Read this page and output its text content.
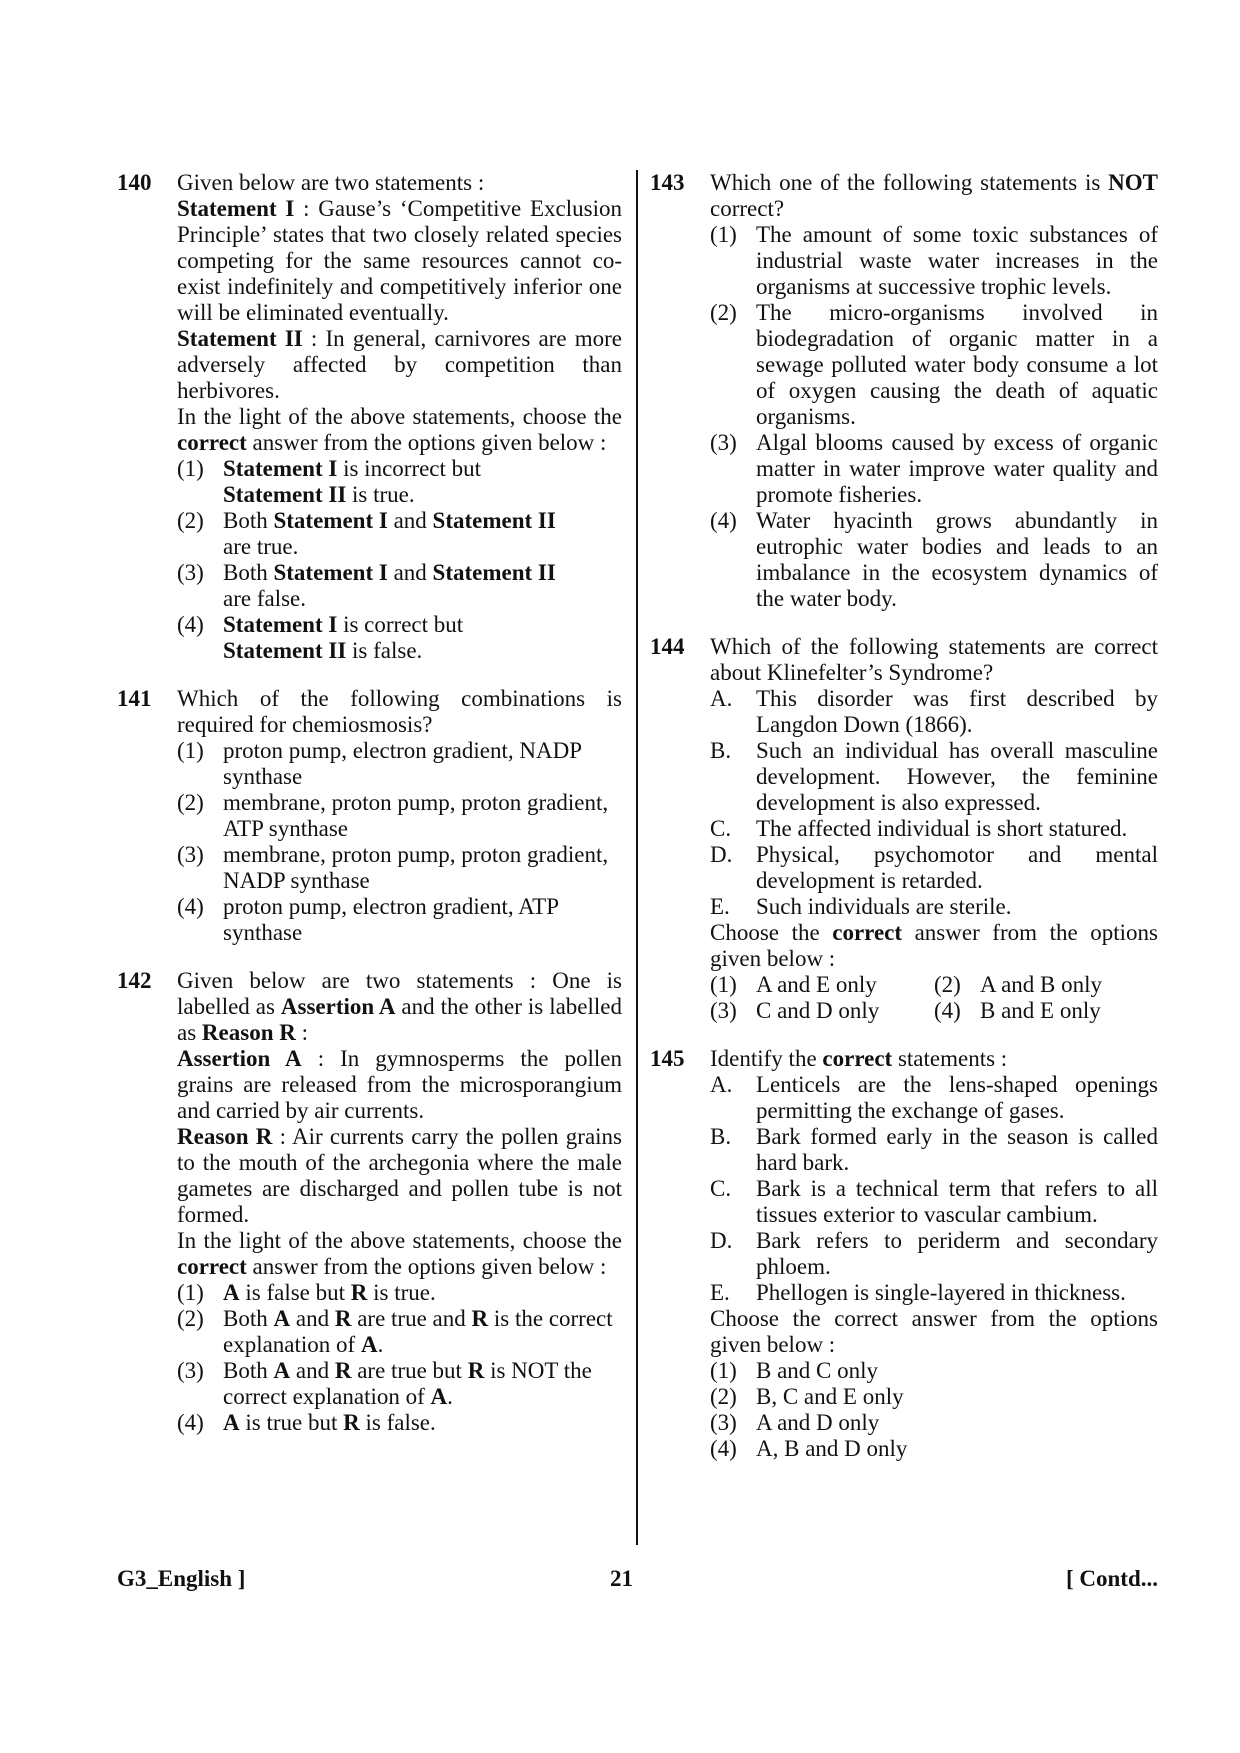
140 Given below are two statements :

Statement I : Gause’s ‘Competitive Exclusion Principle’ states that two closely related species competing for the same resources cannot co-exist indefinitely and competitively inferior one will be eliminated eventually.

Statement II : In general, carnivores are more adversely affected by competition than herbivores.

In the light of the above statements, choose the correct answer from the options given below :

(1) Statement I is incorrect but
Statement II is true.
(2) Both Statement I and Statement II
are true.
(3) Both Statement I and Statement II
are false.
(4) Statement I is correct but
Statement II is false.
141 Which of the following combinations is required for chemiosmosis?

(1) proton pump, electron gradient, NADP synthase
(2) membrane, proton pump, proton gradient, ATP synthase
(3) membrane, proton pump, proton gradient, NADP synthase
(4) proton pump, electron gradient, ATP synthase
142 Given below are two statements : One is labelled as Assertion A and the other is labelled as Reason R :

Assertion A : In gymnosperms the pollen grains are released from the microsporangium and carried by air currents.

Reason R : Air currents carry the pollen grains to the mouth of the archegonia where the male gametes are discharged and pollen tube is not formed.

In the light of the above statements, choose the correct answer from the options given below :

(1) A is false but R is true.
(2) Both A and R are true and R is the correct explanation of A.
(3) Both A and R are true but R is NOT the correct explanation of A.
(4) A is true but R is false.
143 Which one of the following statements is NOT correct?

(1) The amount of some toxic substances of industrial waste water increases in the organisms at successive trophic levels.

(2) The micro-organisms involved in biodegradation of organic matter in a sewage polluted water body consume a lot of oxygen causing the death of aquatic organisms.

(3) Algal blooms caused by excess of organic matter in water improve water quality and promote fisheries.

(4) Water hyacinth grows abundantly in eutrophic water bodies and leads to an imbalance in the ecosystem dynamics of the water body.

144 Which of the following statements are correct about Klinefelter’s Syndrome?

A. This disorder was first described by Langdon Down (1866).

B. Such an individual has overall masculine development. However, the feminine development is also expressed.

C. The affected individual is short statured.

D. Physical, psychomotor and mental development is retarded.

E. Such individuals are sterile.

Choose the correct answer from the options given below :

(1) A and E only	(2) A and B only
(3) C and D only	(4) B and E only
145 Identify the correct statements :

A. Lenticels are the lens-shaped openings permitting the exchange of gases.

B. Bark formed early in the season is called hard bark.

C. Bark is a technical term that refers to all tissues exterior to vascular cambium.

D. Bark refers to periderm and secondary phloem.

E. Phellogen is single-layered in thickness.

Choose the correct answer from the options given below :

(1) B and C only
(2) B, C and E only
(3) A and D only
(4) A, B and D only
G3_English ]	21	[ Contd...
